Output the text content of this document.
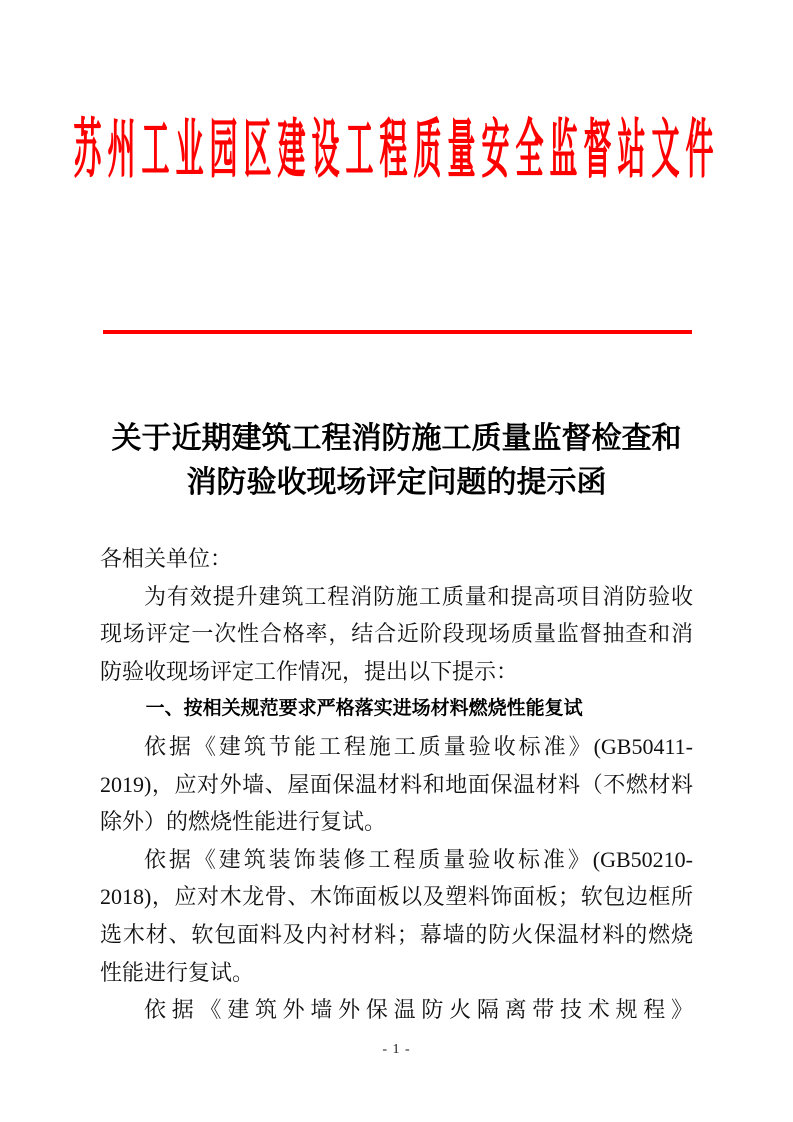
苏州工业园区建设工程质量安全监督站文件
关于近期建筑工程消防施工质量监督检查和
消防验收现场评定问题的提示函

各相关单位：

为有效提升建筑工程消防施工质量和提高项目消防验收现场评定一次性合格率，结合近阶段现场质量监督抽查和消防验收现场评定工作情况，提出以下提示：

一、按相关规范要求严格落实进场材料燃烧性能复试

依据《建筑节能工程施工质量验收标准》(GB50411-2019)，应对外墙、屋面保温材料和地面保温材料（不燃材料除外）的燃烧性能进行复试。

依据《建筑装饰装修工程质量验收标准》(GB50210-2018)，应对木龙骨、木饰面板以及塑料饰面板；软包边框所选木材、软包面料及内衬材料；幕墙的防火保温材料的燃烧性能进行复试。

依据《建筑外墙外保温防火隔离带技术规程》

- 1 -
